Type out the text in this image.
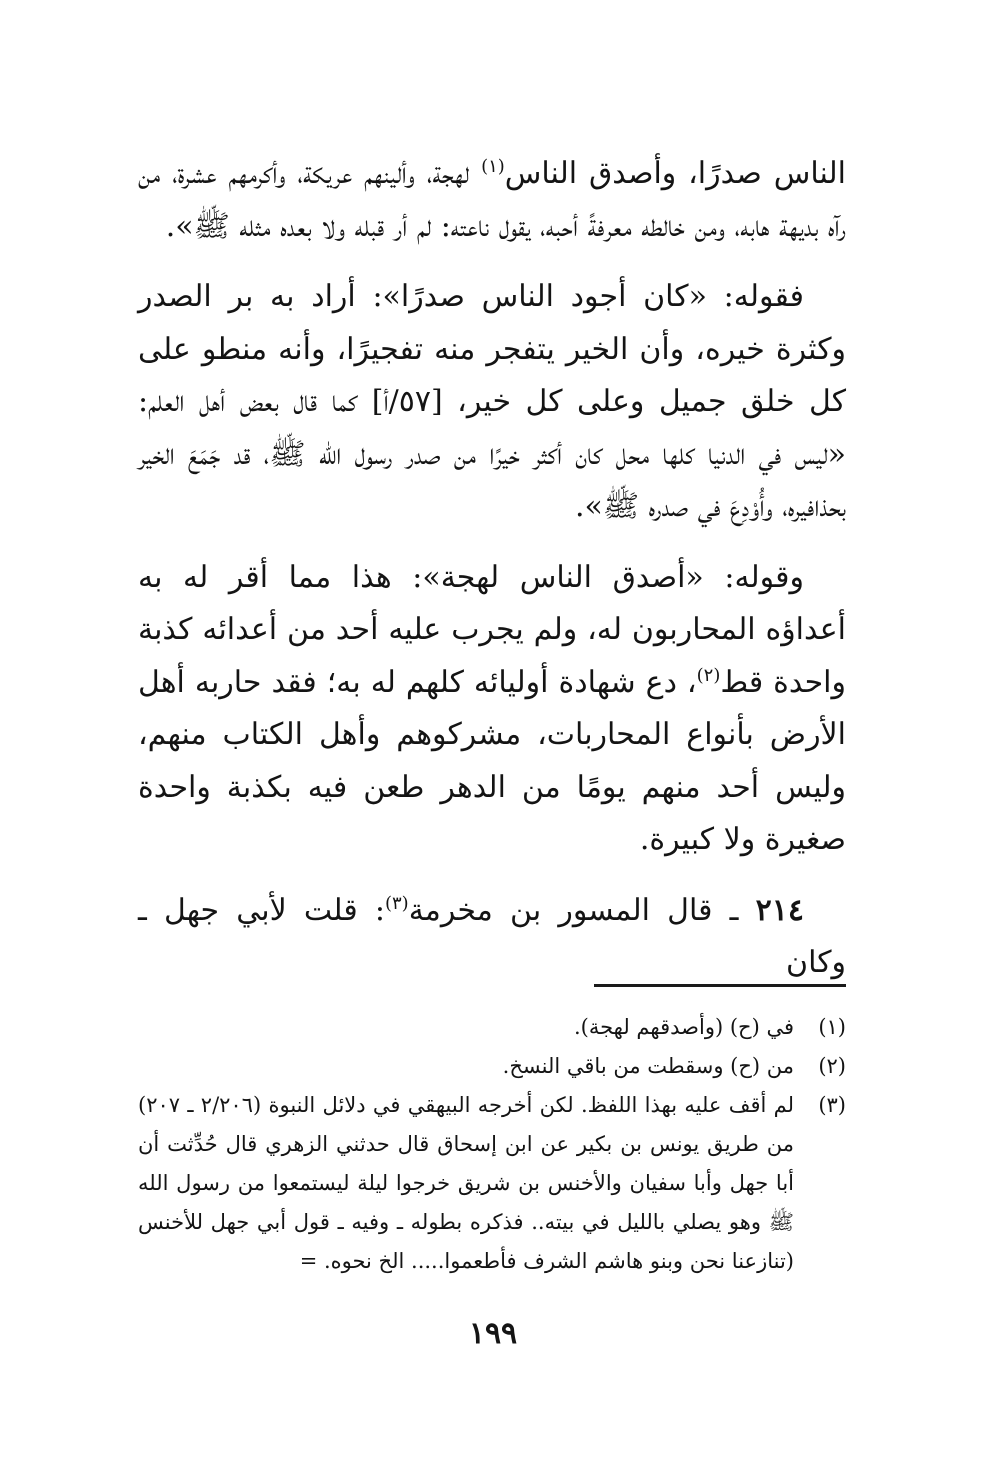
الناس صدرًا، وأصدق الناس$^{(١)}$ لهجة، وألينهم عريكة، وأكرمهم عشرة، من رآه بديهة هابه، ومن خالطه معرفةً أحبه، يقول ناعته: لم أر قبله ولا بعده مثله ﷺ».

فقوله: «كان أجود الناس صدرًا»: أراد به بر الصدر وكثرة خيره، وأن الخير يتفجر منه تفجيرًا، وأنه منطو على كل خلق جميل وعلى كل خير، [٥٧/أ] كما قال بعض أهل العلم: «ليس في الدنيا كلها محل كان أكثر خيرًا من صدر رسول الله ﷺ، قد جَمَعَ الخير بحذافيره، وأُوْدِعَ في صدره ﷺ».

وقوله: «أصدق الناس لهجة»: هذا مما أقر له به أعداؤه المحاربون له، ولم يجرب عليه أحد من أعدائه كذبة واحدة قط$^{(٢)}$، دع شهادة أوليائه كلهم له به؛ فقد حاربه أهل الأرض بأنواع المحاربات، مشركوهم وأهل الكتاب منهم، وليس أحد منهم يومًا من الدهر طعن فيه بكذبة واحدة صغيرة ولا كبيرة.

٢١٤ ـ قال المسور بن مخرمة$^{(٣)}$: قلت لأبي جهل ـ وكان

(١)
في (ح) (وأصدقهم لهجة).
(٢)
من (ح) وسقطت من باقي النسخ.
(٣)
لم أقف عليه بهذا اللفظ. لكن أخرجه البيهقي في دلائل النبوة (٢/٢٠٦ ـ ٢٠٧) من طريق يونس بن بكير عن ابن إسحاق قال حدثني الزهري قال حُدِّثت أن أبا جهل وأبا سفيان والأخنس بن شريق خرجوا ليلة ليستمعوا من رسول الله ﷺ وهو يصلي بالليل في بيته.. فذكره بطوله ـ وفيه ـ قول أبي جهل للأخنس (تنازعنا نحن وبنو هاشم الشرف فأطعموا..... الخ نحوه. =
١٩٩
